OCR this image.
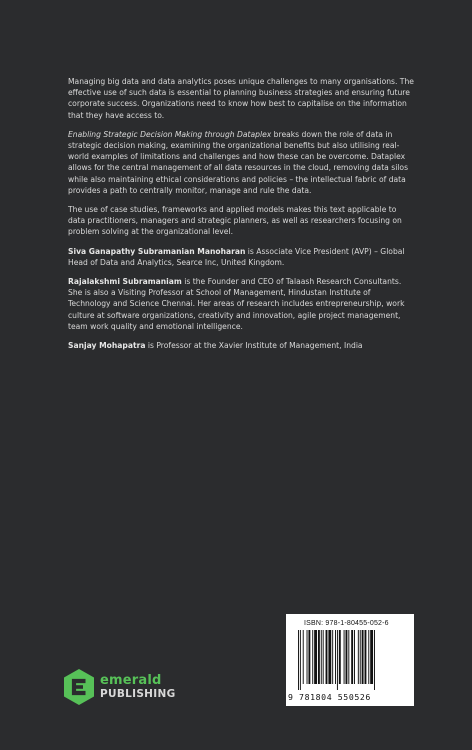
Managing big data and data analytics poses unique challenges to many organisations. The effective use of such data is essential to planning business strategies and ensuring future corporate success. Organizations need to know how best to capitalise on the information that they have access to.

Enabling Strategic Decision Making through Dataplex breaks down the role of data in strategic decision making, examining the organizational benefits but also utilising real-world examples of limitations and challenges and how these can be overcome. Dataplex allows for the central management of all data resources in the cloud, removing data silos while also maintaining ethical considerations and policies – the intellectual fabric of data provides a path to centrally monitor, manage and rule the data.

The use of case studies, frameworks and applied models makes this text applicable to data practitioners, managers and strategic planners, as well as researchers focusing on problem solving at the organizational level.

Siva Ganapathy Subramanian Manoharan is Associate Vice President (AVP) – Global Head of Data and Analytics, Searce Inc, United Kingdom.

Rajalakshmi Subramaniam is the Founder and CEO of Talaash Research Consultants. She is also a Visiting Professor at School of Management, Hindustan Institute of Technology and Science Chennai. Her areas of research includes entrepreneurship, work culture at software organizations, creativity and innovation, agile project management, team work quality and emotional intelligence.

Sanjay Mohapatra is Professor at the Xavier Institute of Management, India

emerald
PUBLISHING
ISBN: 978-1-80455-052-6
9 781804 550526
